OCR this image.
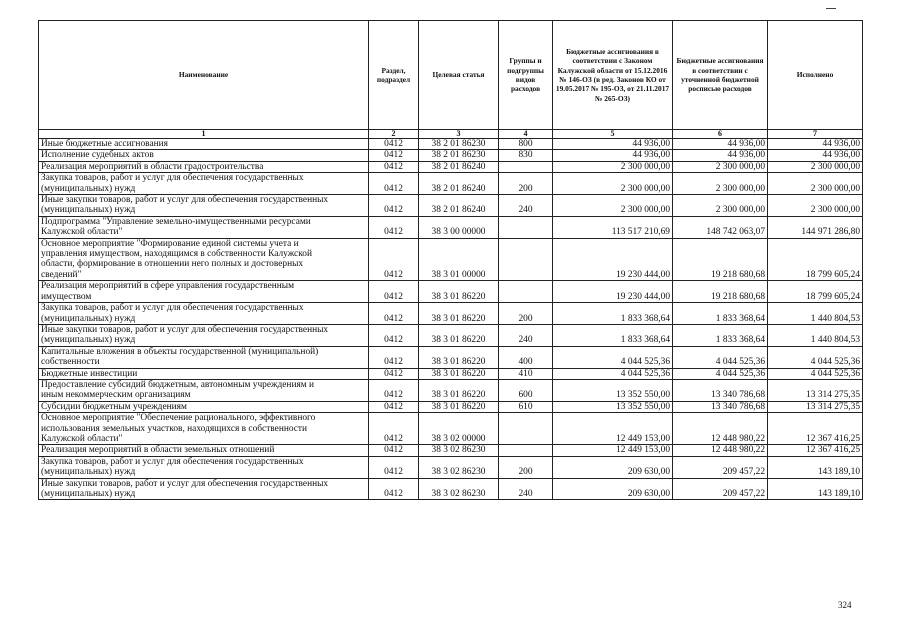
Наименование	Раздел, подраздел	Целевая статья	Группы и подгруппы видов расходов	Бюджетные ассигнования в соответствии с Законом Калужской области от 15.12.2016 № 146-ОЗ (в ред. Законов КО от 19.05.2017 № 195-ОЗ, от 21.11.2017 № 265-ОЗ)	Бюджетные ассигнования в соответствии с уточненной бюджетной росписью расходов	Исполнено
1	2	3	4	5	6	7
Иные бюджетные ассигнования	0412	38 2 01 86230	800	44 936,00	44 936,00	44 936,00
Исполнение судебных актов	0412	38 2 01 86230	830	44 936,00	44 936,00	44 936,00
Реализация мероприятий в области градостроительства	0412	38 2 01 86240		2 300 000,00	2 300 000,00	2 300 000,00
Закупка товаров, работ и услуг для обеспечения государственных
(муниципальных) нужд	0412	38 2 01 86240	200	2 300 000,00	2 300 000,00	2 300 000,00
Иные закупки товаров, работ и услуг для обеспечения государственных
(муниципальных) нужд	0412	38 2 01 86240	240	2 300 000,00	2 300 000,00	2 300 000,00
Подпрограмма "Управление земельно-имущественными ресурсами
Калужской области"	0412	38 3 00 00000		113 517 210,69	148 742 063,07	144 971 286,80
Основное мероприятие "Формирование единой системы учета и
управления имуществом, находящимся в собственности Калужской
области, формирование в отношении него полных и достоверных
сведений"	0412	38 3 01 00000		19 230 444,00	19 218 680,68	18 799 605,24
Реализация мероприятий в сфере управления государственным
имуществом	0412	38 3 01 86220		19 230 444,00	19 218 680,68	18 799 605,24
Закупка товаров, работ и услуг для обеспечения государственных
(муниципальных) нужд	0412	38 3 01 86220	200	1 833 368,64	1 833 368,64	1 440 804,53
Иные закупки товаров, работ и услуг для обеспечения государственных
(муниципальных) нужд	0412	38 3 01 86220	240	1 833 368,64	1 833 368,64	1 440 804,53
Капитальные вложения в объекты государственной (муниципальной)
собственности	0412	38 3 01 86220	400	4 044 525,36	4 044 525,36	4 044 525,36
Бюджетные инвестиции	0412	38 3 01 86220	410	4 044 525,36	4 044 525,36	4 044 525,36
Предоставление субсидий бюджетным, автономным учреждениям и
иным некоммерческим организациям	0412	38 3 01 86220	600	13 352 550,00	13 340 786,68	13 314 275,35
Субсидии бюджетным учреждениям	0412	38 3 01 86220	610	13 352 550,00	13 340 786,68	13 314 275,35
Основное мероприятие "Обеспечение рационального, эффективного
использования земельных участков, находящихся в собственности
Калужской области"	0412	38 3 02 00000		12 449 153,00	12 448 980,22	12 367 416,25
Реализация мероприятий в области земельных отношений	0412	38 3 02 86230		12 449 153,00	12 448 980,22	12 367 416,25
Закупка товаров, работ и услуг для обеспечения государственных
(муниципальных) нужд	0412	38 3 02 86230	200	209 630,00	209 457,22	143 189,10
Иные закупки товаров, работ и услуг для обеспечения государственных
(муниципальных) нужд	0412	38 3 02 86230	240	209 630,00	209 457,22	143 189,10
324
